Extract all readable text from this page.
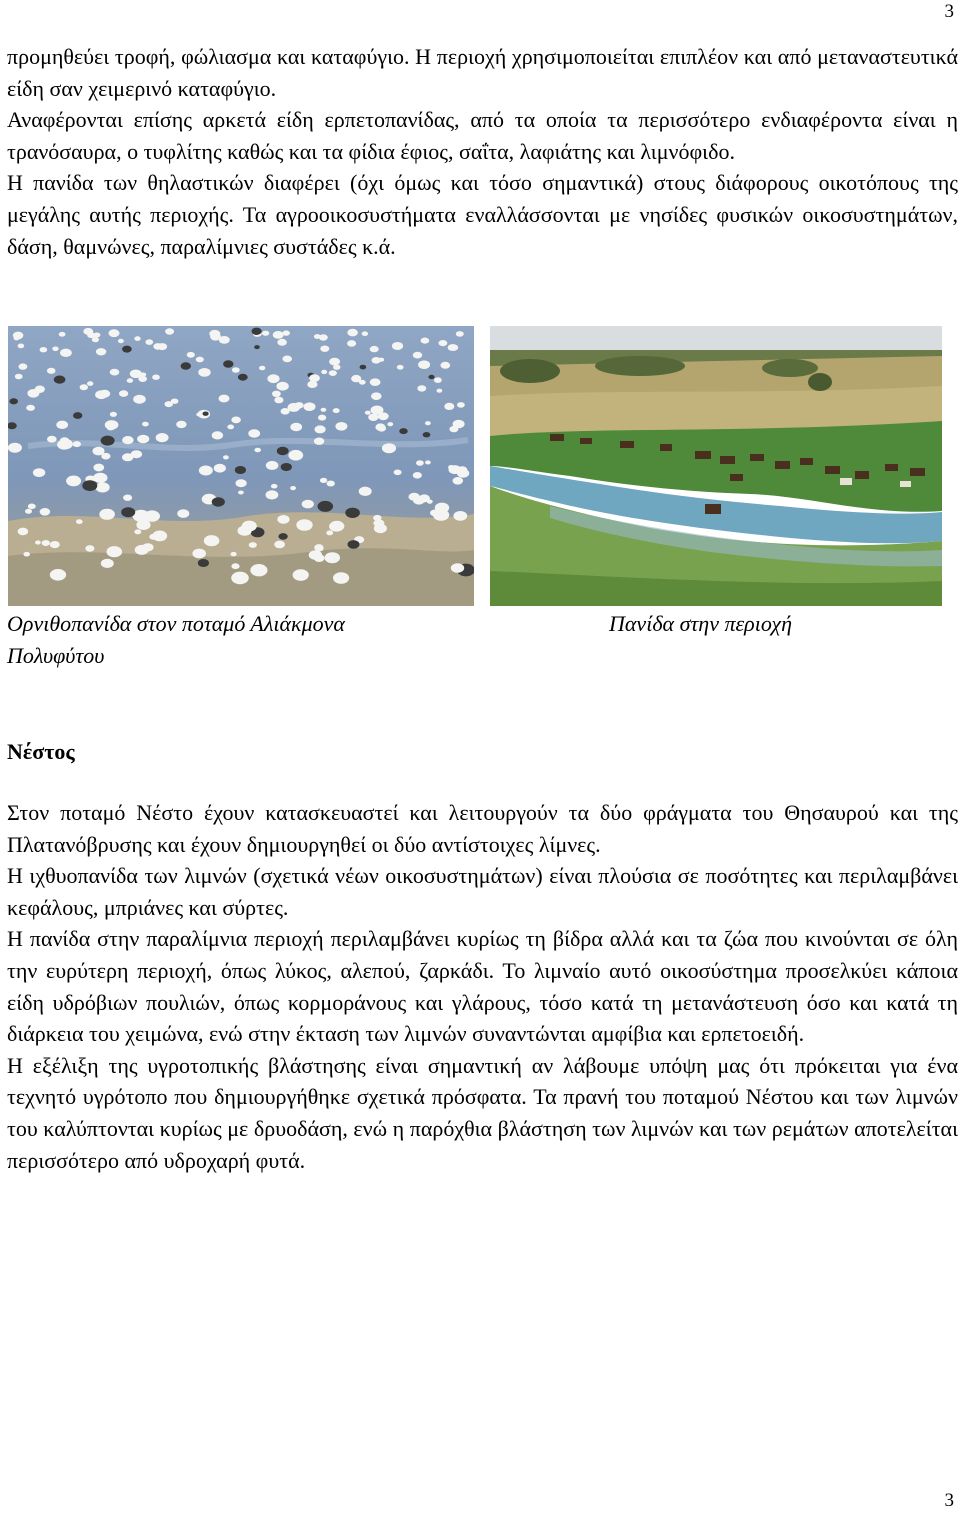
3

προμηθεύει τροφή, φώλιασμα και καταφύγιο. Η περιοχή χρησιμοποιείται επιπλέον και από μεταναστευτικά είδη σαν χειμερινό καταφύγιο.

Αναφέρονται επίσης αρκετά είδη ερπετοπανίδας, από τα οποία τα περισσότερο ενδιαφέροντα είναι η τρανόσαυρα, ο τυφλίτης καθώς και τα φίδια έφιος, σαΐτα, λαφιάτης και λιμνόφιδο.

Η πανίδα των θηλαστικών διαφέρει (όχι όμως και τόσο σημαντικά) στους διάφορους οικοτόπους της μεγάλης αυτής περιοχής. Τα αγροοικοσυστήματα εναλλάσσονται με νησίδες φυσικών οικοσυστημάτων, δάση, θαμνώνες, παραλίμνιες συστάδες κ.ά.

Ορνιθοπανίδα στον ποταμό Αλιάκμονα
Πολυφύτου
Πανίδα στην περιοχή
Νέστος

Στον ποταμό Νέστο έχουν κατασκευαστεί και λειτουργούν τα δύο φράγματα του Θησαυρού και της Πλατανόβρυσης και έχουν δημιουργηθεί οι δύο αντίστοιχες λίμνες.

Η ιχθυοπανίδα των λιμνών (σχετικά νέων οικοσυστημάτων) είναι πλούσια σε ποσότητες και περιλαμβάνει κεφάλους, μπριάνες και σύρτες.

Η πανίδα στην παραλίμνια περιοχή περιλαμβάνει κυρίως τη βίδρα αλλά και τα ζώα που κινούνται σε όλη την ευρύτερη περιοχή, όπως λύκος, αλεπού, ζαρκάδι. Το λιμναίο αυτό οικοσύστημα προσελκύει κάποια είδη υδρόβιων πουλιών, όπως κορμοράνους και γλάρους, τόσο κατά τη μετανάστευση όσο και κατά τη διάρκεια του χειμώνα, ενώ στην έκταση των λιμνών συναντώνται αμφίβια και ερπετοειδή.

Η εξέλιξη της υγροτοπικής βλάστησης είναι σημαντική αν λάβουμε υπόψη μας ότι πρόκειται για ένα τεχνητό υγρότοπο που δημιουργήθηκε σχετικά πρόσφατα. Τα πρανή του ποταμού Νέστου και των λιμνών του καλύπτονται κυρίως με δρυοδάση, ενώ η παρόχθια βλάστηση των λιμνών και των ρεμάτων αποτελείται περισσότερο από υδροχαρή φυτά.

3
